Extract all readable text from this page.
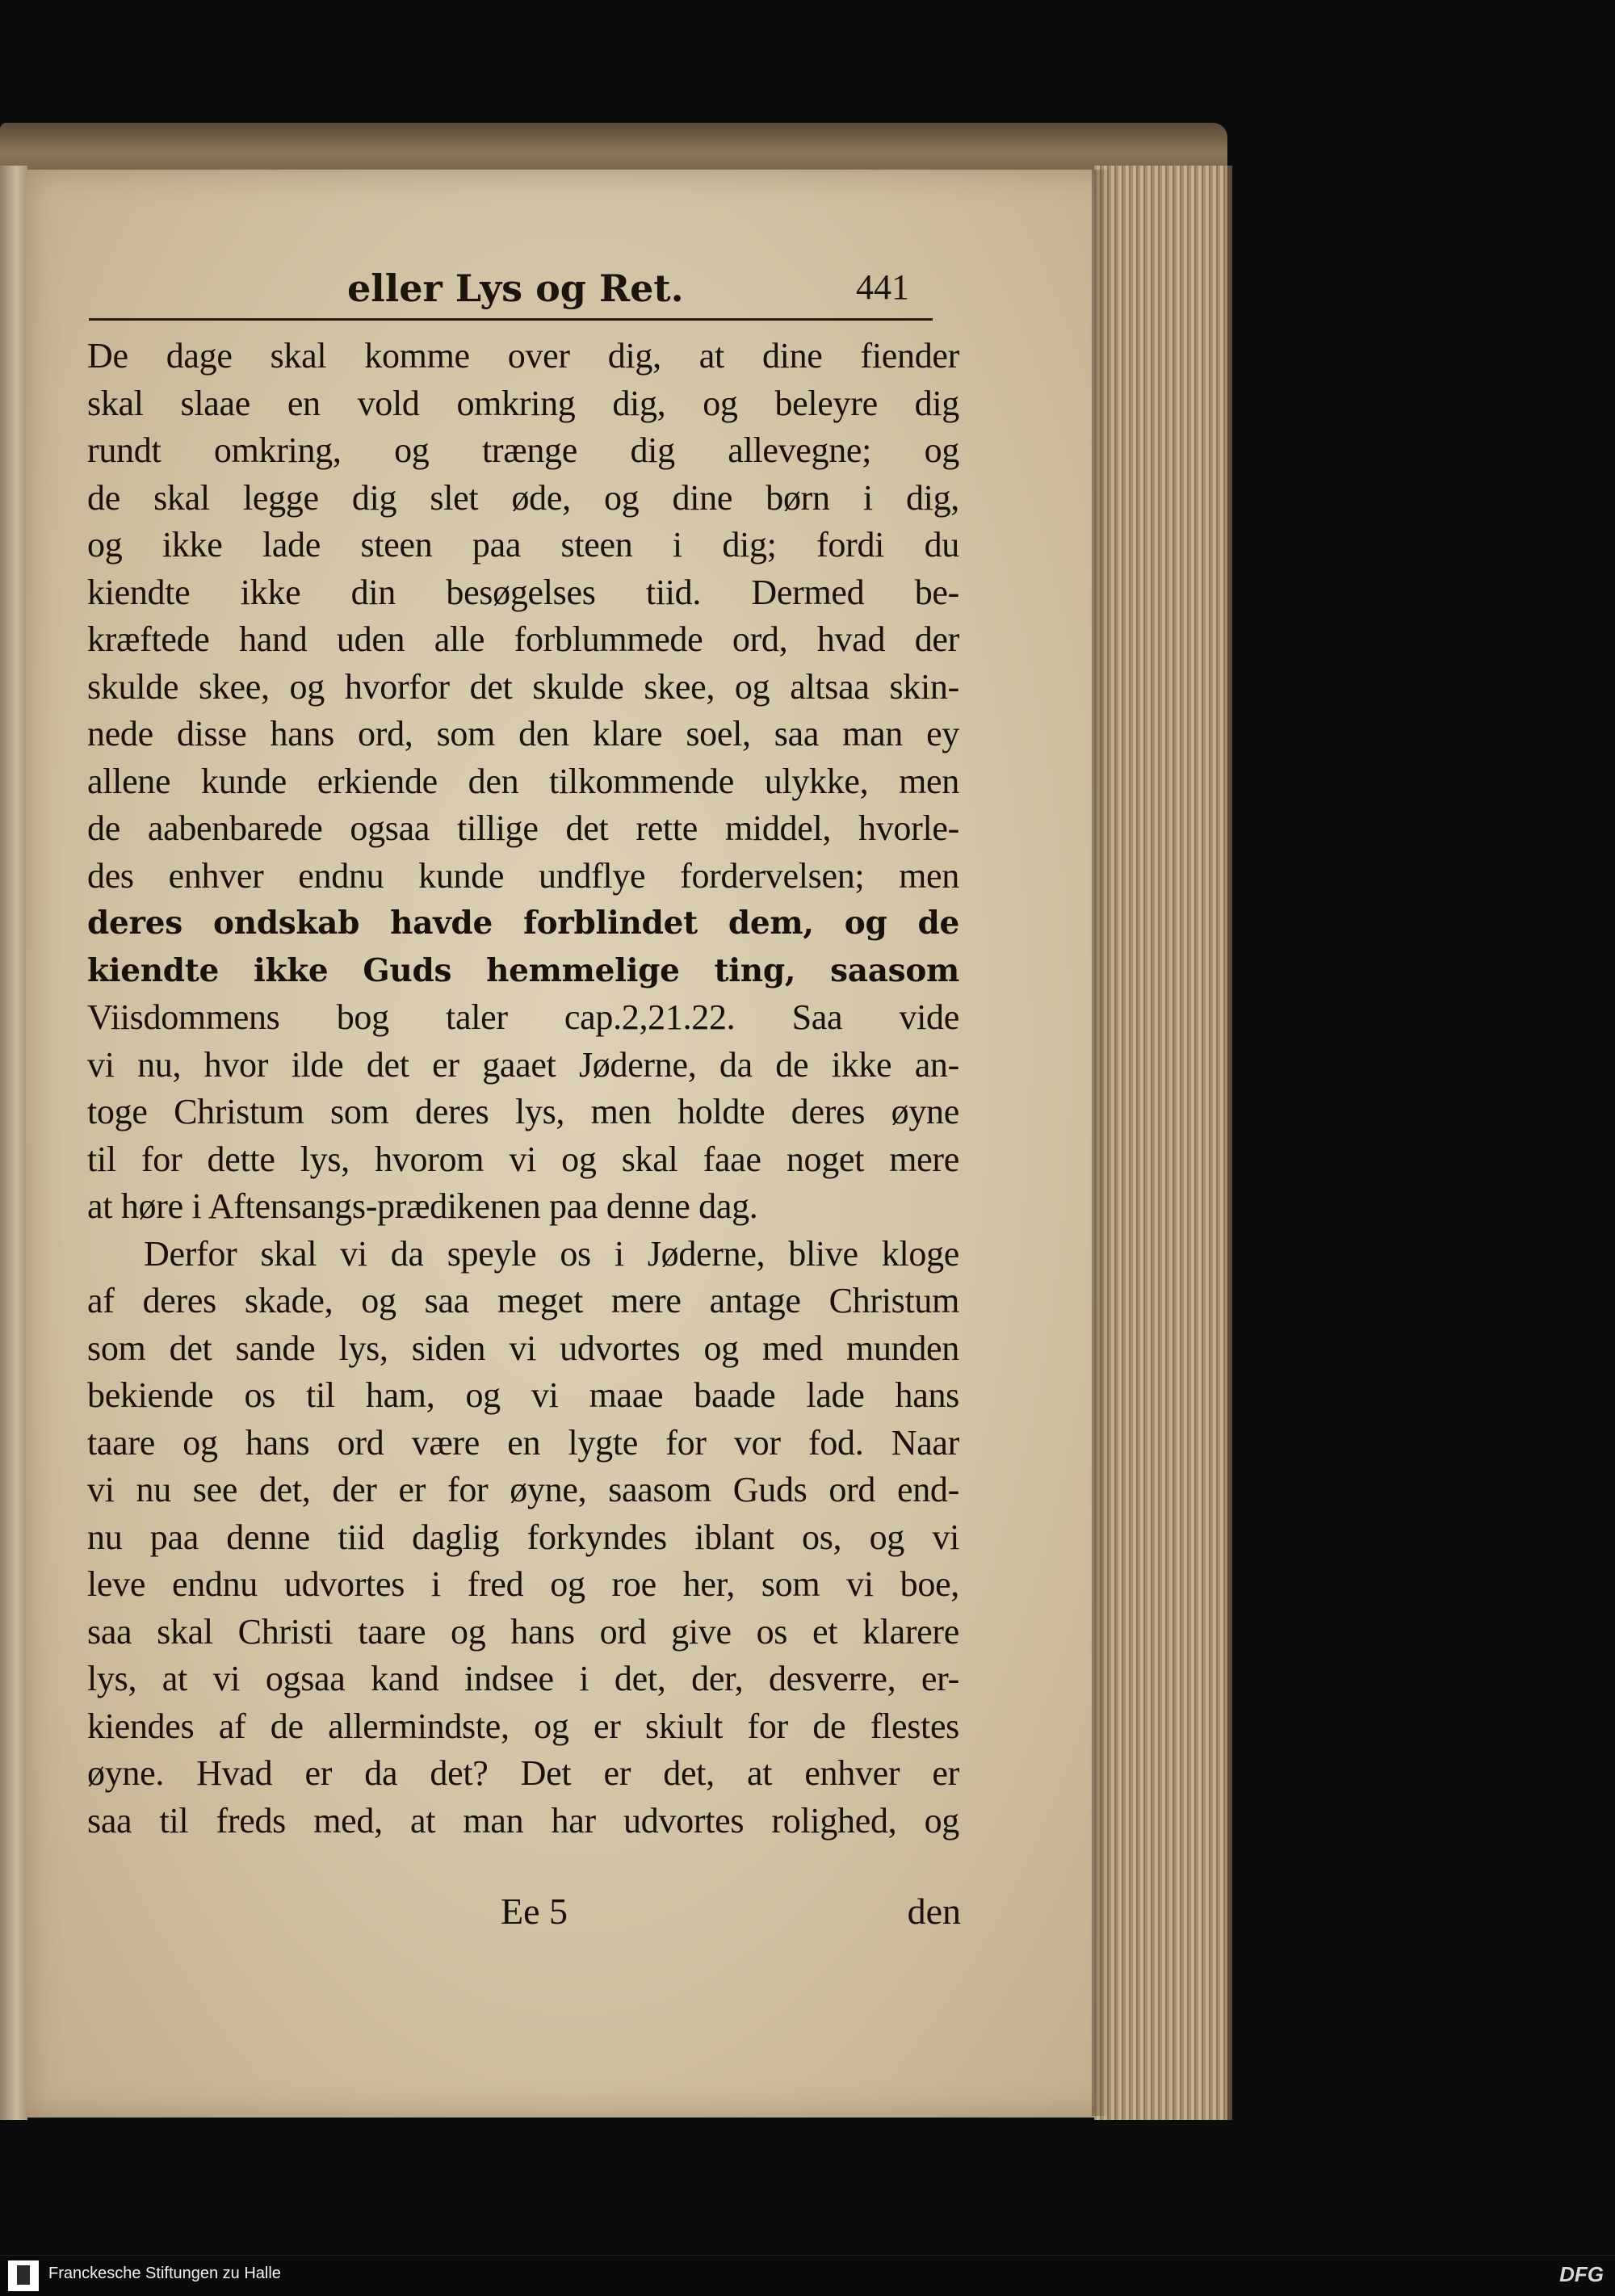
eller Lys og Ret.	441
De dage skal komme over dig, at dine fiender
skal slaae en vold omkring dig, og beleyre dig
rundt omkring, og trænge dig allevegne; og
de skal legge dig slet øde, og dine børn i dig,
og ikke lade steen paa steen i dig; fordi du
kiendte ikke din besøgelses tiid. Dermed be-
kræftede hand uden alle forblummede ord, hvad der
skulde skee, og hvorfor det skulde skee, og altsaa skin-
nede disse hans ord, som den klare soel, saa man ey
allene kunde erkiende den tilkommende ulykke, men
de aabenbarede ogsaa tillige det rette middel, hvorle-
des enhver endnu kunde undflye fordervelsen; men
deres ondskab havde forblindet dem, og de
kiendte ikke Guds hemmelige ting, saasom
Viisdommens bog taler cap.2,21.22. Saa vide
vi nu, hvor ilde det er gaaet Jøderne, da de ikke an-
toge Christum som deres lys, men holdte deres øyne
til for dette lys, hvorom vi og skal faae noget mere
at høre i Aftensangs-prædikenen paa denne dag.
Derfor skal vi da speyle os i Jøderne, blive kloge
af deres skade, og saa meget mere antage Christum
som det sande lys, siden vi udvortes og med munden
bekiende os til ham, og vi maae baade lade hans
taare og hans ord være en lygte for vor fod. Naar
vi nu see det, der er for øyne, saasom Guds ord end-
nu paa denne tiid daglig forkyndes iblant os, og vi
leve endnu udvortes i fred og roe her, som vi boe,
saa skal Christi taare og hans ord give os et klarere
lys, at vi ogsaa kand indsee i det, der, desverre, er-
kiendes af de allermindste, og er skiult for de flestes
øyne. Hvad er da det? Det er det, at enhver er
saa til freds med, at man har udvortes rolighed, og
Ee 5	den
Franckesche Stiftungen zu Halle	DFG
